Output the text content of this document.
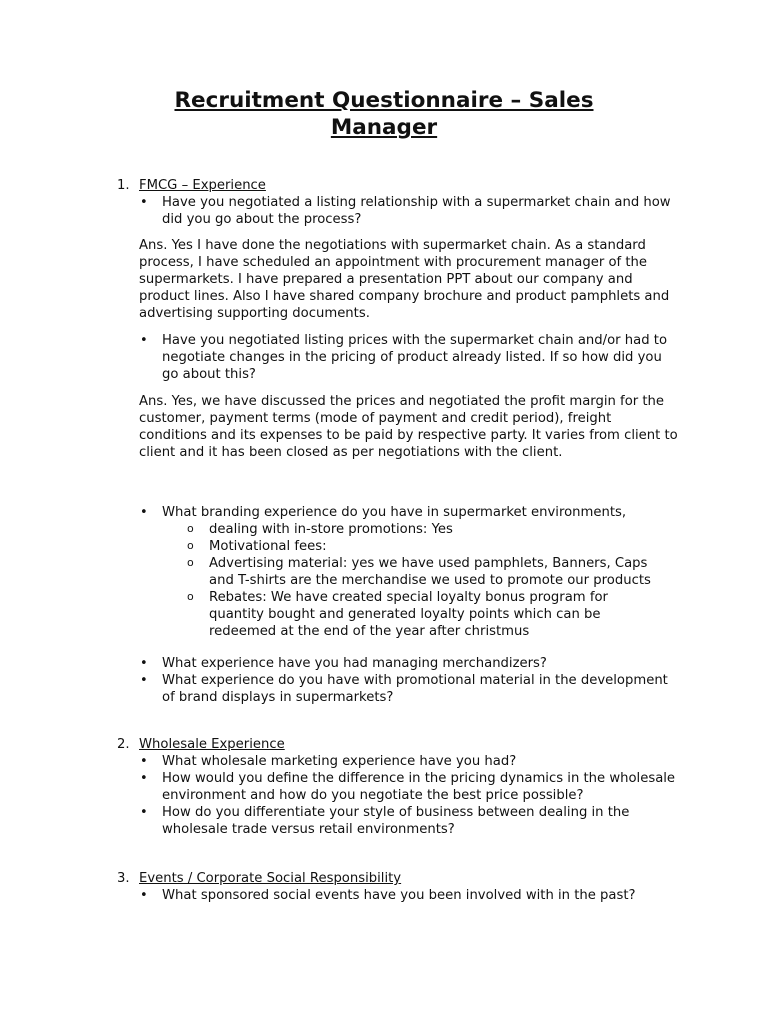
Recruitment Questionnaire – Sales
Manager
1. FMCG – Experience
• Have you negotiated a listing relationship with a supermarket chain and how did you go about the process?
Ans. Yes I have done the negotiations with supermarket chain. As a standard process, I have scheduled an appointment with procurement manager of the supermarkets. I have prepared a presentation PPT about our company and product lines. Also I have shared company brochure and product pamphlets and advertising supporting documents.
• Have you negotiated listing prices with the supermarket chain and/or had to negotiate changes in the pricing of product already listed. If so how did you go about this?
Ans. Yes, we have discussed the prices and negotiated the profit margin for the customer, payment terms (mode of payment and credit period), freight conditions and its expenses to be paid by respective party. It varies from client to client and it has been closed as per negotiations with the client.
• What branding experience do you have in supermarket environments,
o dealing with in-store promotions: Yes
o Motivational fees:
o Advertising material: yes we have used pamphlets, Banners, Caps and T-shirts are the merchandise we used to promote our products
o Rebates: We have created special loyalty bonus program for quantity bought and generated loyalty points which can be redeemed at the end of the year after christmus
• What experience have you had managing merchandizers?
• What experience do you have with promotional material in the development of brand displays in supermarkets?
2. Wholesale Experience
• What wholesale marketing experience have you had?
• How would you define the difference in the pricing dynamics in the wholesale environment and how do you negotiate the best price possible?
• How do you differentiate your style of business between dealing in the wholesale trade versus retail environments?
3. Events / Corporate Social Responsibility
• What sponsored social events have you been involved with in the past?
